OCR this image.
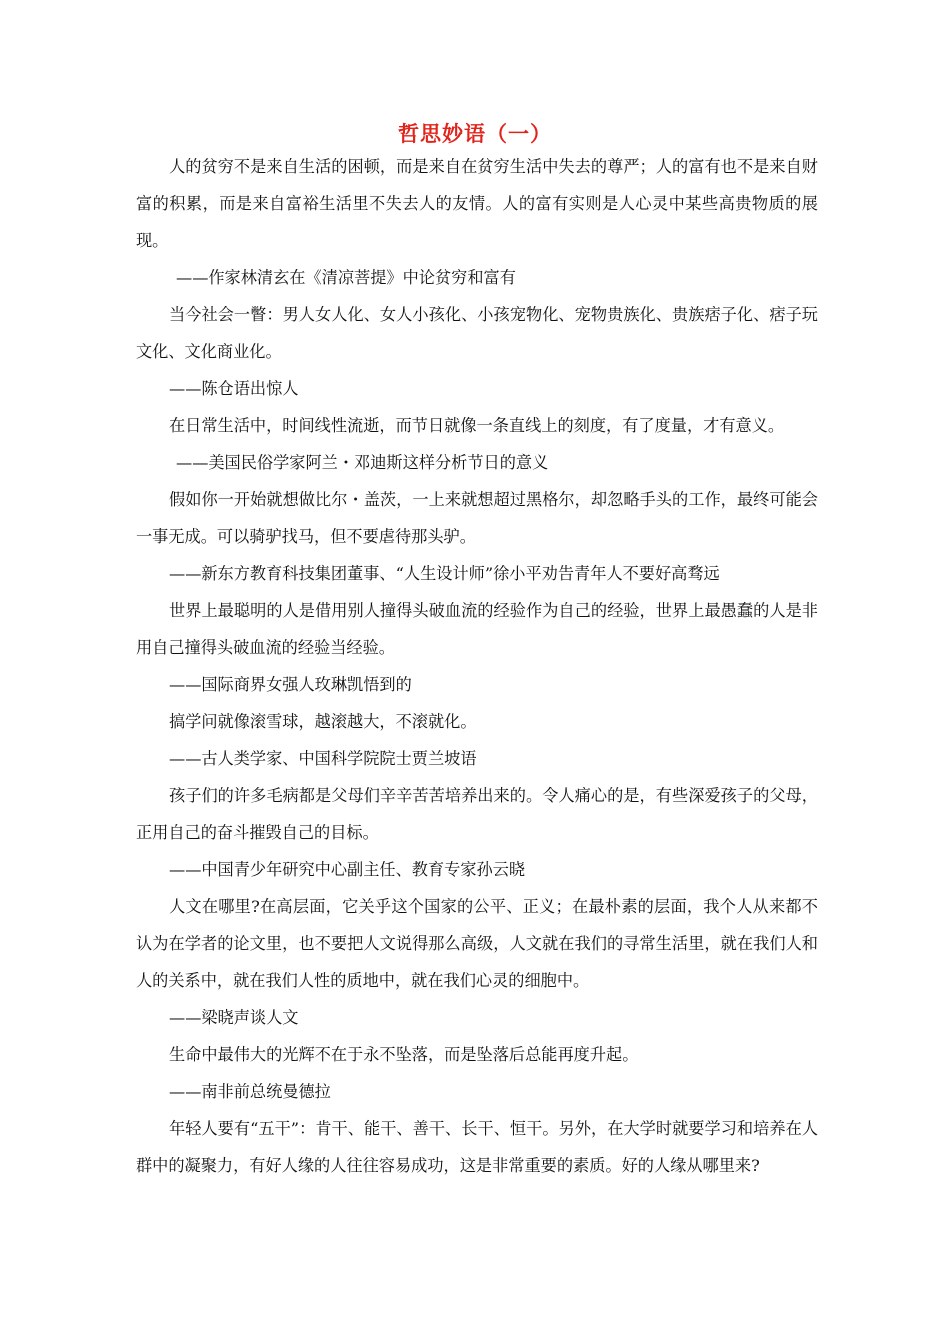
哲思妙语（一）

人的贫穷不是来自生活的困顿，而是来自在贫穷生活中失去的尊严；人的富有也不是来自财富的积累，而是来自富裕生活里不失去人的友情。人的富有实则是人心灵中某些高贵物质的展现。

——作家林清玄在《清凉菩提》中论贫穷和富有

当今社会一瞥：男人女人化、女人小孩化、小孩宠物化、宠物贵族化、贵族痞子化、痞子玩文化、文化商业化。

——陈仓语出惊人

在日常生活中，时间线性流逝，而节日就像一条直线上的刻度，有了度量，才有意义。

——美国民俗学家阿兰・邓迪斯这样分析节日的意义

假如你一开始就想做比尔・盖茨，一上来就想超过黑格尔，却忽略手头的工作，最终可能会一事无成。可以骑驴找马，但不要虐待那头驴。

——新东方教育科技集团董事、“人生设计师”徐小平劝告青年人不要好高骛远

世界上最聪明的人是借用别人撞得头破血流的经验作为自己的经验，世界上最愚蠢的人是非用自己撞得头破血流的经验当经验。

——国际商界女强人玫琳凯悟到的

搞学问就像滚雪球，越滚越大，不滚就化。

——古人类学家、中国科学院院士贾兰坡语

孩子们的许多毛病都是父母们辛辛苦苦培养出来的。令人痛心的是，有些深爱孩子的父母，正用自己的奋斗摧毁自己的目标。

——中国青少年研究中心副主任、教育专家孙云晓

人文在哪里?在高层面，它关乎这个国家的公平、正义；在最朴素的层面，我个人从来都不认为在学者的论文里，也不要把人文说得那么高级，人文就在我们的寻常生活里，就在我们人和人的关系中，就在我们人性的质地中，就在我们心灵的细胞中。

——梁晓声谈人文

生命中最伟大的光辉不在于永不坠落，而是坠落后总能再度升起。

——南非前总统曼德拉

年轻人要有“五干”：肯干、能干、善干、长干、恒干。另外，在大学时就要学习和培养在人群中的凝聚力，有好人缘的人往往容易成功，这是非常重要的素质。好的人缘从哪里来?
